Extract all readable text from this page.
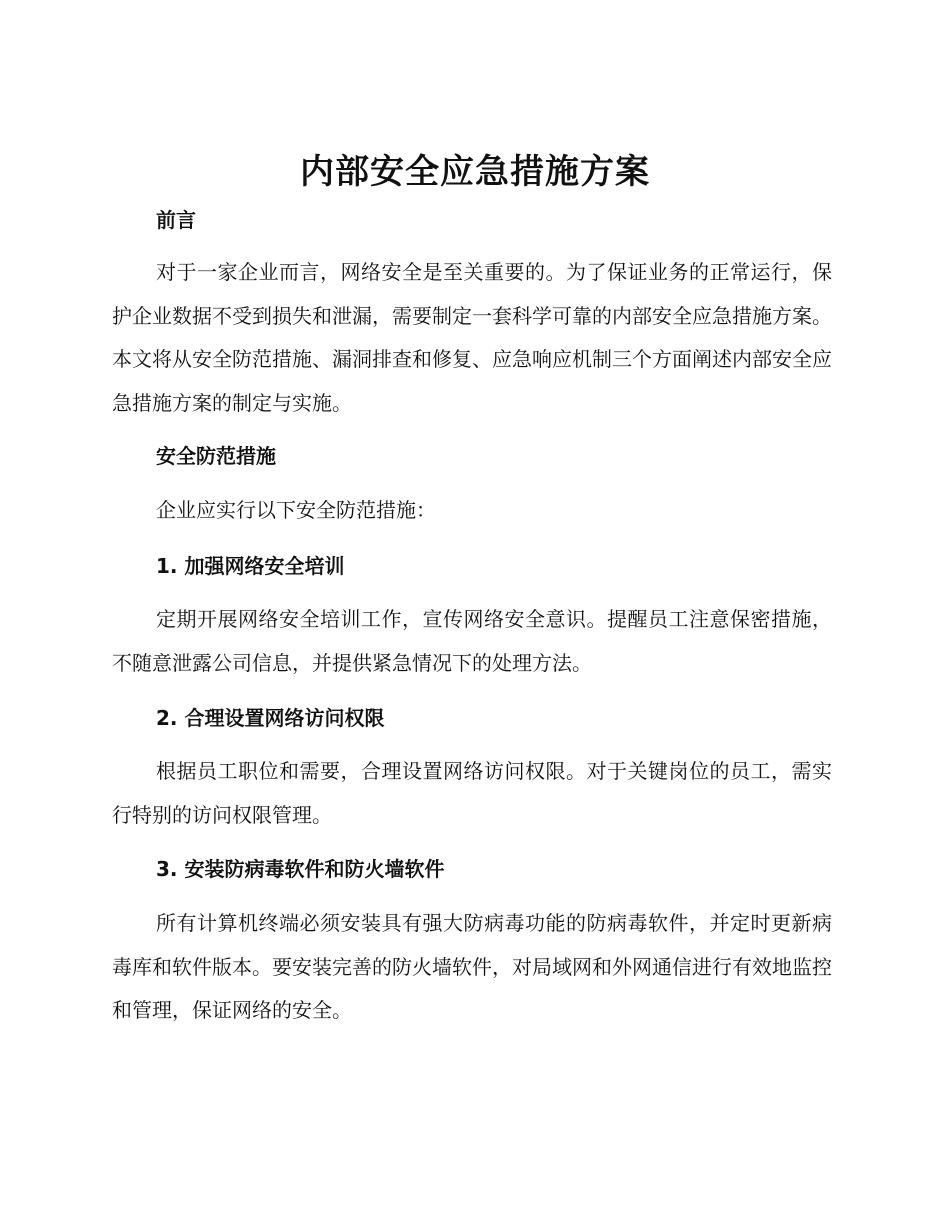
内部安全应急措施方案
前言

对于一家企业而言，网络安全是至关重要的。为了保证业务的正常运行，保护企业数据不受到损失和泄漏，需要制定一套科学可靠的内部安全应急措施方案。本文将从安全防范措施、漏洞排查和修复、应急响应机制三个方面阐述内部安全应急措施方案的制定与实施。

安全防范措施

企业应实行以下安全防范措施：

1. 加强网络安全培训

定期开展网络安全培训工作，宣传网络安全意识。提醒员工注意保密措施，不随意泄露公司信息，并提供紧急情况下的处理方法。

2. 合理设置网络访问权限

根据员工职位和需要，合理设置网络访问权限。对于关键岗位的员工，需实行特别的访问权限管理。

3. 安装防病毒软件和防火墙软件

所有计算机终端必须安装具有强大防病毒功能的防病毒软件，并定时更新病毒库和软件版本。要安装完善的防火墙软件，对局域网和外网通信进行有效地监控和管理，保证网络的安全。
